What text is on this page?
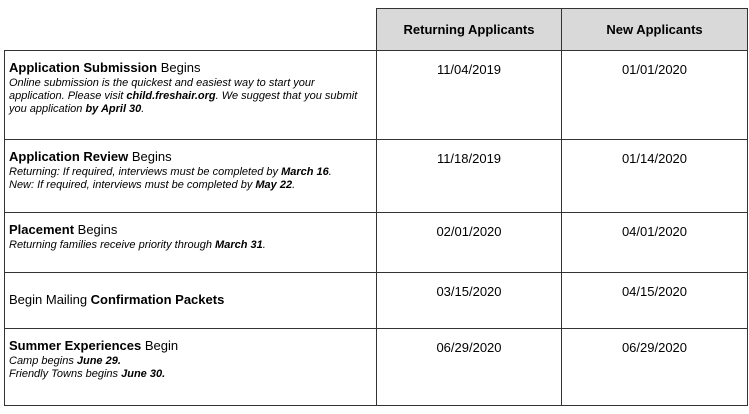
	Returning Applicants	New Applicants

Application Submission Begins
Online submission is the quickest and easiest way to start your application. Please visit child.freshair.org. We suggest that you submit you application by April 30.	11/04/2019	01/01/2020

Application Review Begins
Returning: If required, interviews must be completed by March 16.
New: If required, interviews must be completed by May 22.	11/18/2019	01/14/2020

Placement Begins
Returning families receive priority through March 31.	02/01/2020	04/01/2020

Begin Mailing Confirmation Packets	03/15/2020	04/15/2020

Summer Experiences Begin
Camp begins June 29.
Friendly Towns begins June 30.	06/29/2020	06/29/2020
